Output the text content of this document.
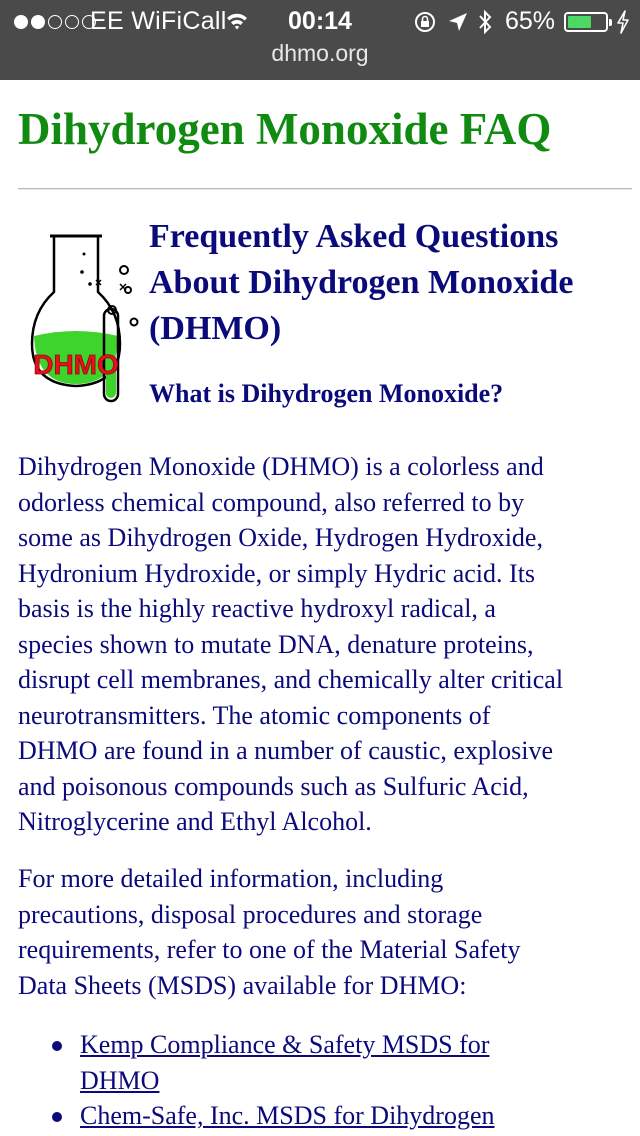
EE WiFiCall	00:14	65%
dhmo.org
Dihydrogen Monoxide FAQ
DHMO
Frequently Asked Questions
About Dihydrogen Monoxide
(DHMO)
What is Dihydrogen Monoxide?

Dihydrogen Monoxide (DHMO) is a colorless and
odorless chemical compound, also referred to by
some as Dihydrogen Oxide, Hydrogen Hydroxide,
Hydronium Hydroxide, or simply Hydric acid. Its
basis is the highly reactive hydroxyl radical, a
species shown to mutate DNA, denature proteins,
disrupt cell membranes, and chemically alter critical
neurotransmitters. The atomic components of
DHMO are found in a number of caustic, explosive
and poisonous compounds such as Sulfuric Acid,
Nitroglycerine and Ethyl Alcohol.

For more detailed information, including
precautions, disposal procedures and storage
requirements, refer to one of the Material Safety
Data Sheets (MSDS) available for DHMO:

Kemp Compliance & Safety MSDS for
DHMO
Chem-Safe, Inc. MSDS for Dihydrogen
